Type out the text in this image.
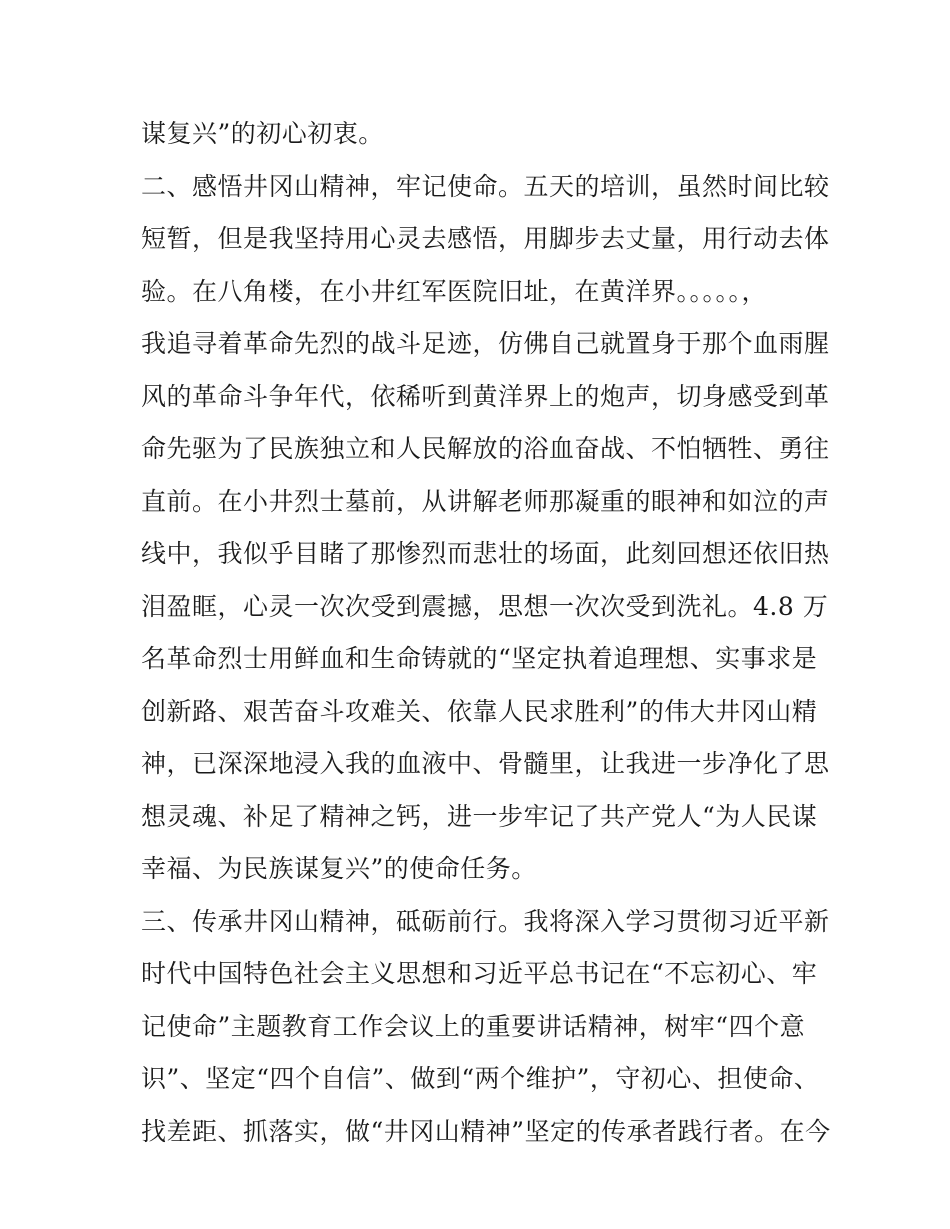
谋复兴”的初心初衷。
二、感悟井冈山精神，牢记使命。五天的培训，虽然时间比较
短暂，但是我坚持用心灵去感悟，用脚步去丈量，用行动去体
验。在八角楼，在小井红军医院旧址，在黄洋界。。。。。，
我追寻着革命先烈的战斗足迹，仿佛自己就置身于那个血雨腥
风的革命斗争年代，依稀听到黄洋界上的炮声，切身感受到革
命先驱为了民族独立和人民解放的浴血奋战、不怕牺牲、勇往
直前。在小井烈士墓前，从讲解老师那凝重的眼神和如泣的声
线中，我似乎目睹了那惨烈而悲壮的场面，此刻回想还依旧热
泪盈眶，心灵一次次受到震撼，思想一次次受到洗礼。4.8 万
名革命烈士用鲜血和生命铸就的“坚定执着追理想、实事求是
创新路、艰苦奋斗攻难关、依靠人民求胜利”的伟大井冈山精
神，已深深地浸入我的血液中、骨髓里，让我进一步净化了思
想灵魂、补足了精神之钙，进一步牢记了共产党人“为人民谋
幸福、为民族谋复兴”的使命任务。
三、传承井冈山精神，砥砺前行。我将深入学习贯彻习近平新
时代中国特色社会主义思想和习近平总书记在“不忘初心、牢
记使命”主题教育工作会议上的重要讲话精神，树牢“四个意
识”、坚定“四个自信”、做到“两个维护”，守初心、担使命、
找差距、抓落实，做“井冈山精神”坚定的传承者践行者。在今
